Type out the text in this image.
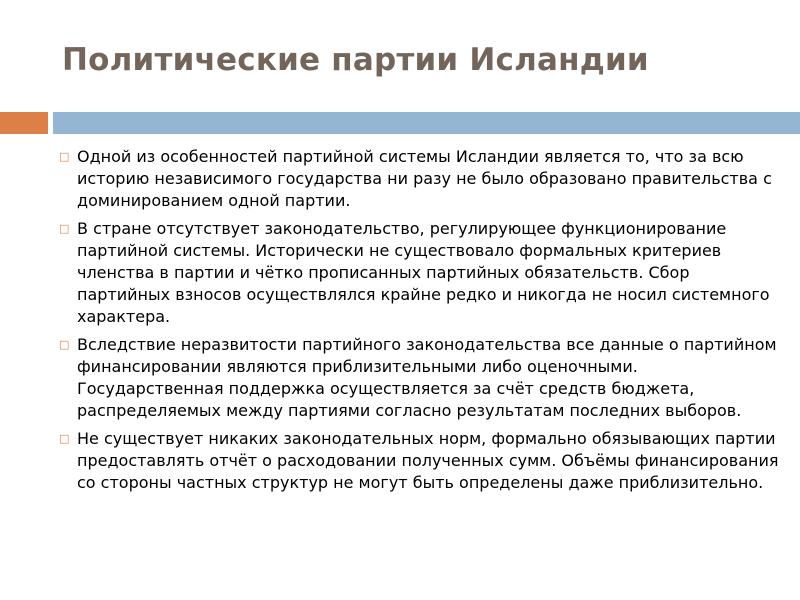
Политические партии Исландии
□ Одной из особенностей партийной системы Исландии является то, что за всю историю независимого государства ни разу не было образовано правительства с доминированием одной партии.
□ В стране отсутствует законодательство, регулирующее функционирование партийной системы. Исторически не существовало формальных критериев членства в партии и чётко прописанных партийных обязательств. Сбор партийных взносов осуществлялся крайне редко и никогда не носил системного характера.
□ Вследствие неразвитости партийного законодательства все данные о партийном финансировании являются приблизительными либо оценочными. Государственная поддержка осуществляется за счёт средств бюджета, распределяемых между партиями согласно результатам последних выборов.
□ Не существует никаких законодательных норм, формально обязывающих партии предоставлять отчёт о расходовании полученных сумм. Объёмы финансирования со стороны частных структур не могут быть определены даже приблизительно.
